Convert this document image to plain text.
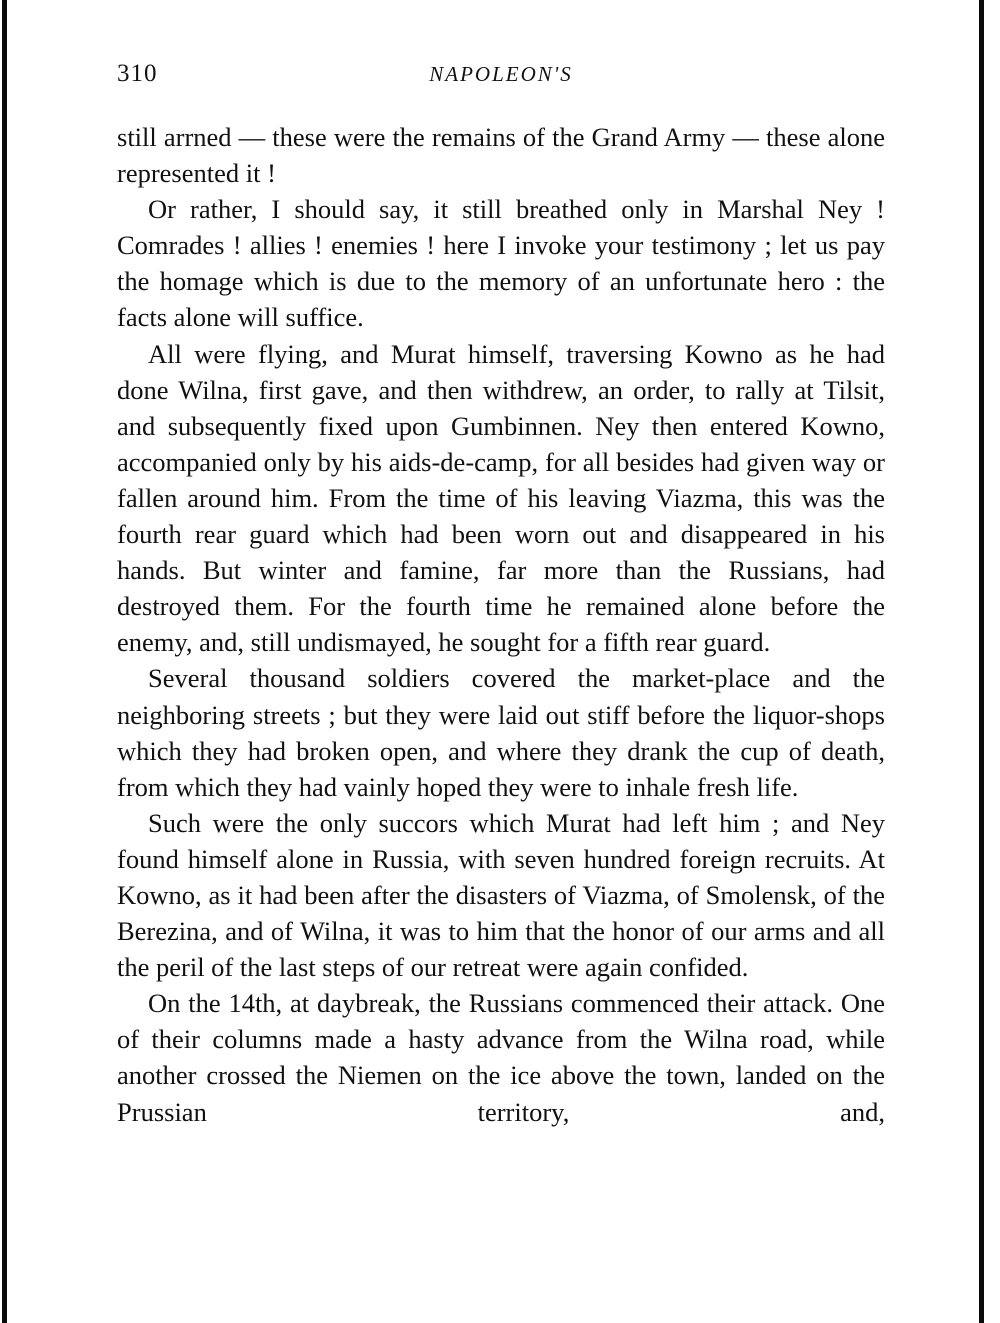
310	NAPOLEON'S

still arrned — these were the remains of the Grand Army — these alone represented it !

Or rather, I should say, it still breathed only in Marshal Ney ! Comrades ! allies ! enemies ! here I invoke your testimony ; let us pay the homage which is due to the memory of an unfortunate hero : the facts alone will suffice.

All were flying, and Murat himself, traversing Kowno as he had done Wilna, first gave, and then withdrew, an order, to rally at Tilsit, and subsequently fixed upon Gumbinnen. Ney then entered Kowno, accompanied only by his aids-de-camp, for all besides had given way or fallen around him. From the time of his leaving Viazma, this was the fourth rear guard which had been worn out and disappeared in his hands. But winter and famine, far more than the Russians, had destroyed them. For the fourth time he remained alone before the enemy, and, still undismayed, he sought for a fifth rear guard.

Several thousand soldiers covered the market-place and the neighboring streets ; but they were laid out stiff before the liquor-shops which they had broken open, and where they drank the cup of death, from which they had vainly hoped they were to inhale fresh life.

Such were the only succors which Murat had left him ; and Ney found himself alone in Russia, with seven hundred foreign recruits. At Kowno, as it had been after the disasters of Viazma, of Smolensk, of the Berezina, and of Wilna, it was to him that the honor of our arms and all the peril of the last steps of our retreat were again confided.

On the 14th, at daybreak, the Russians commenced their attack. One of their columns made a hasty advance from the Wilna road, while another crossed the Niemen on the ice above the town, landed on the Prussian territory, and,
